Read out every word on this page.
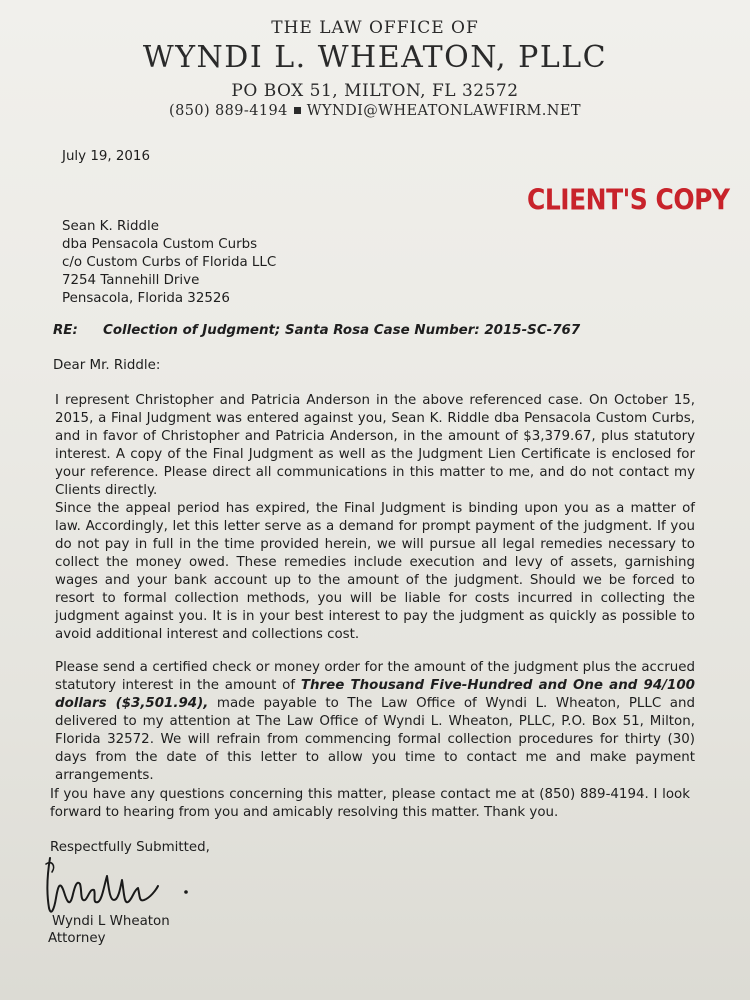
THE LAW OFFICE OF
WYNDI L. WHEATON, PLLC
PO BOX 51, MILTON, FL 32572
(850) 889-4194 WYNDI@WHEATONLAWFIRM.NET
July 19, 2016
CLIENT'S COPY
Sean K. Riddle
dba Pensacola Custom Curbs
c/o Custom Curbs of Florida LLC
7254 Tannehill Drive
Pensacola, Florida 32526
RE: Collection of Judgment; Santa Rosa Case Number: 2015-SC-767
Dear Mr. Riddle:
I represent Christopher and Patricia Anderson in the above referenced case. On October 15, 2015, a Final Judgment was entered against you, Sean K. Riddle dba Pensacola Custom Curbs, and in favor of Christopher and Patricia Anderson, in the amount of $3,379.67, plus statutory interest. A copy of the Final Judgment as well as the Judgment Lien Certificate is enclosed for your reference. Please direct all communications in this matter to me, and do not contact my Clients directly.
Since the appeal period has expired, the Final Judgment is binding upon you as a matter of law. Accordingly, let this letter serve as a demand for prompt payment of the judgment. If you do not pay in full in the time provided herein, we will pursue all legal remedies necessary to collect the money owed. These remedies include execution and levy of assets, garnishing wages and your bank account up to the amount of the judgment. Should we be forced to resort to formal collection methods, you will be liable for costs incurred in collecting the judgment against you. It is in your best interest to pay the judgment as quickly as possible to avoid additional interest and collections cost.
Please send a certified check or money order for the amount of the judgment plus the accrued statutory interest in the amount of Three Thousand Five-Hundred and One and 94/100 dollars ($3,501.94), made payable to The Law Office of Wyndi L. Wheaton, PLLC and delivered to my attention at The Law Office of Wyndi L. Wheaton, PLLC, P.O. Box 51, Milton, Florida 32572. We will refrain from commencing formal collection procedures for thirty (30) days from the date of this letter to allow you time to contact me and make payment arrangements.
If you have any questions concerning this matter, please contact me at (850) 889-4194. I look forward to hearing from you and amicably resolving this matter. Thank you.
Respectfully Submitted,
Wyndi L Wheaton
Attorney
